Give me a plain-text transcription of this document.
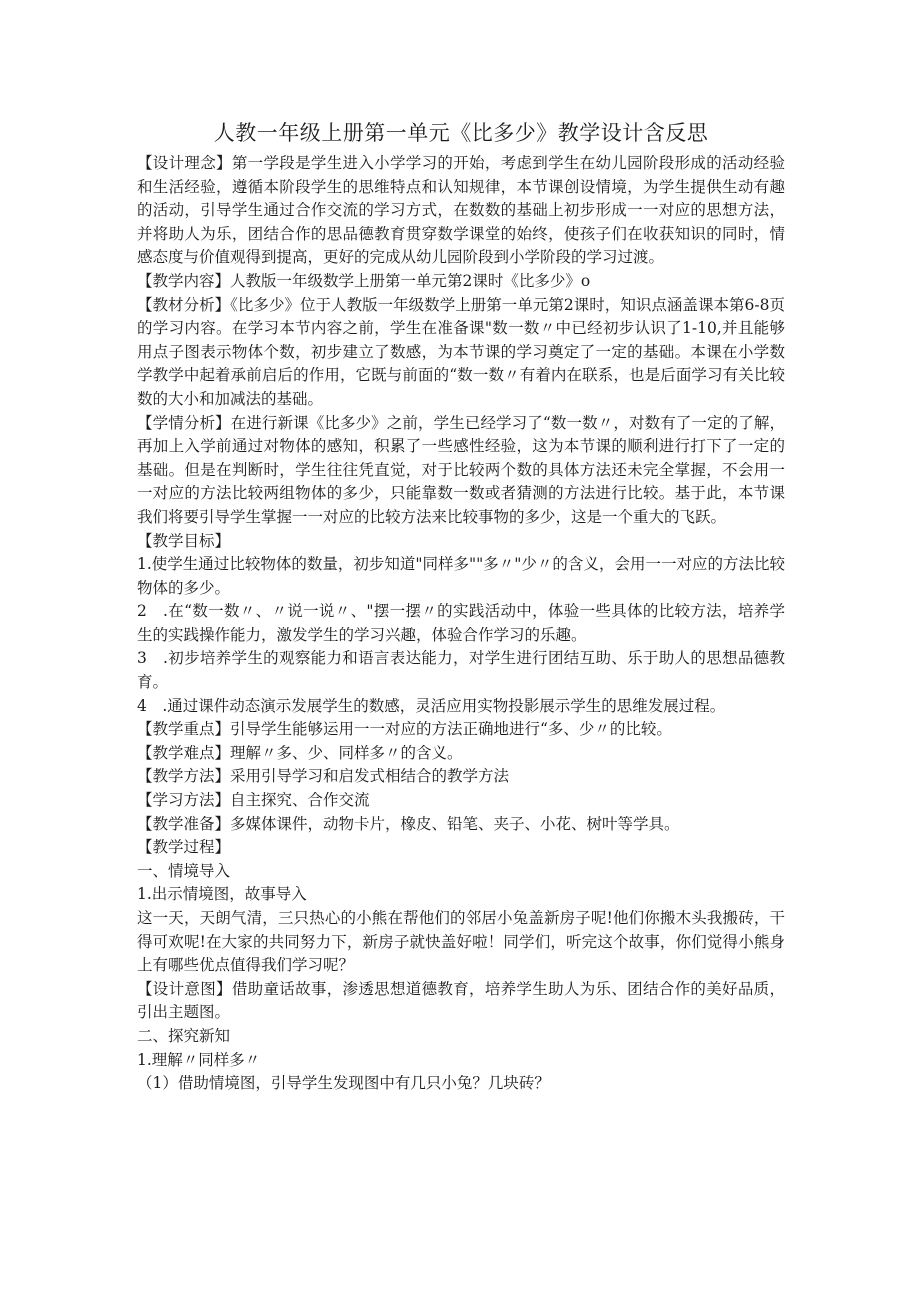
人教一年级上册第一单元《比多少》教学设计含反思

【设计理念】第一学段是学生进入小学学习的开始，考虑到学生在幼儿园阶段形成的活动经验和生活经验，遵循本阶段学生的思维特点和认知规律，本节课创设情境，为学生提供生动有趣的活动，引导学生通过合作交流的学习方式，在数数的基础上初步形成一一对应的思想方法，并将助人为乐，团结合作的思品德教育贯穿数学课堂的始终，使孩子们在收获知识的同时，情感态度与价值观得到提高，更好的完成从幼儿园阶段到小学阶段的学习过渡。

【教学内容】人教版一年级数学上册第一单元第2课时《比多少》o

【教材分析】《比多少》位于人教版一年级数学上册第一单元第2课时，知识点涵盖课本第6-8页的学习内容。在学习本节内容之前，学生在准备课"数一数〃中已经初步认识了1-10,并且能够用点子图表示物体个数，初步建立了数感，为本节课的学习奠定了一定的基础。本课在小学数学教学中起着承前启后的作用，它既与前面的“数一数〃有着内在联系，也是后面学习有关比较数的大小和加减法的基础。

【学情分析】在进行新课《比多少》之前，学生已经学习了“数一数〃，对数有了一定的了解，再加上入学前通过对物体的感知，积累了一些感性经验，这为本节课的顺利进行打下了一定的基础。但是在判断时，学生往往凭直觉，对于比较两个数的具体方法还未完全掌握，不会用一一对应的方法比较两组物体的多少，只能靠数一数或者猜测的方法进行比较。基于此，本节课我们将要引导学生掌握一一对应的比较方法来比较事物的多少，这是一个重大的飞跃。

【教学目标】

1.使学生通过比较物体的数量，初步知道"同样多""多〃"少〃的含义，会用一一对应的方法比较物体的多少。

2　.在“数一数〃、〃说一说〃、"摆一摆〃的实践活动中，体验一些具体的比较方法，培养学生的实践操作能力，激发学生的学习兴趣，体验合作学习的乐趣。

3　.初步培养学生的观察能力和语言表达能力，对学生进行团结互助、乐于助人的思想品德教育。

4　.通过课件动态演示发展学生的数感，灵活应用实物投影展示学生的思维发展过程。

【教学重点】引导学生能够运用一一对应的方法正确地进行“多、少〃的比较。

【教学难点】理解〃多、少、同样多〃的含义。

【教学方法】采用引导学习和启发式相结合的教学方法

【学习方法】自主探究、合作交流

【教学准备】多媒体课件，动物卡片，橡皮、铅笔、夹子、小花、树叶等学具。

【教学过程】

一、情境导入

1.出示情境图，故事导入

这一天，天朗气清，三只热心的小熊在帮他们的邻居小兔盖新房子呢!他们你搬木头我搬砖，干得可欢呢!在大家的共同努力下，新房子就快盖好啦！同学们，听完这个故事，你们觉得小熊身上有哪些优点值得我们学习呢？

【设计意图】借助童话故事，渗透思想道德教育，培养学生助人为乐、团结合作的美好品质，引出主题图。

二、探究新知

1.理解〃同样多〃

（1）借助情境图，引导学生发现图中有几只小兔？几块砖？
